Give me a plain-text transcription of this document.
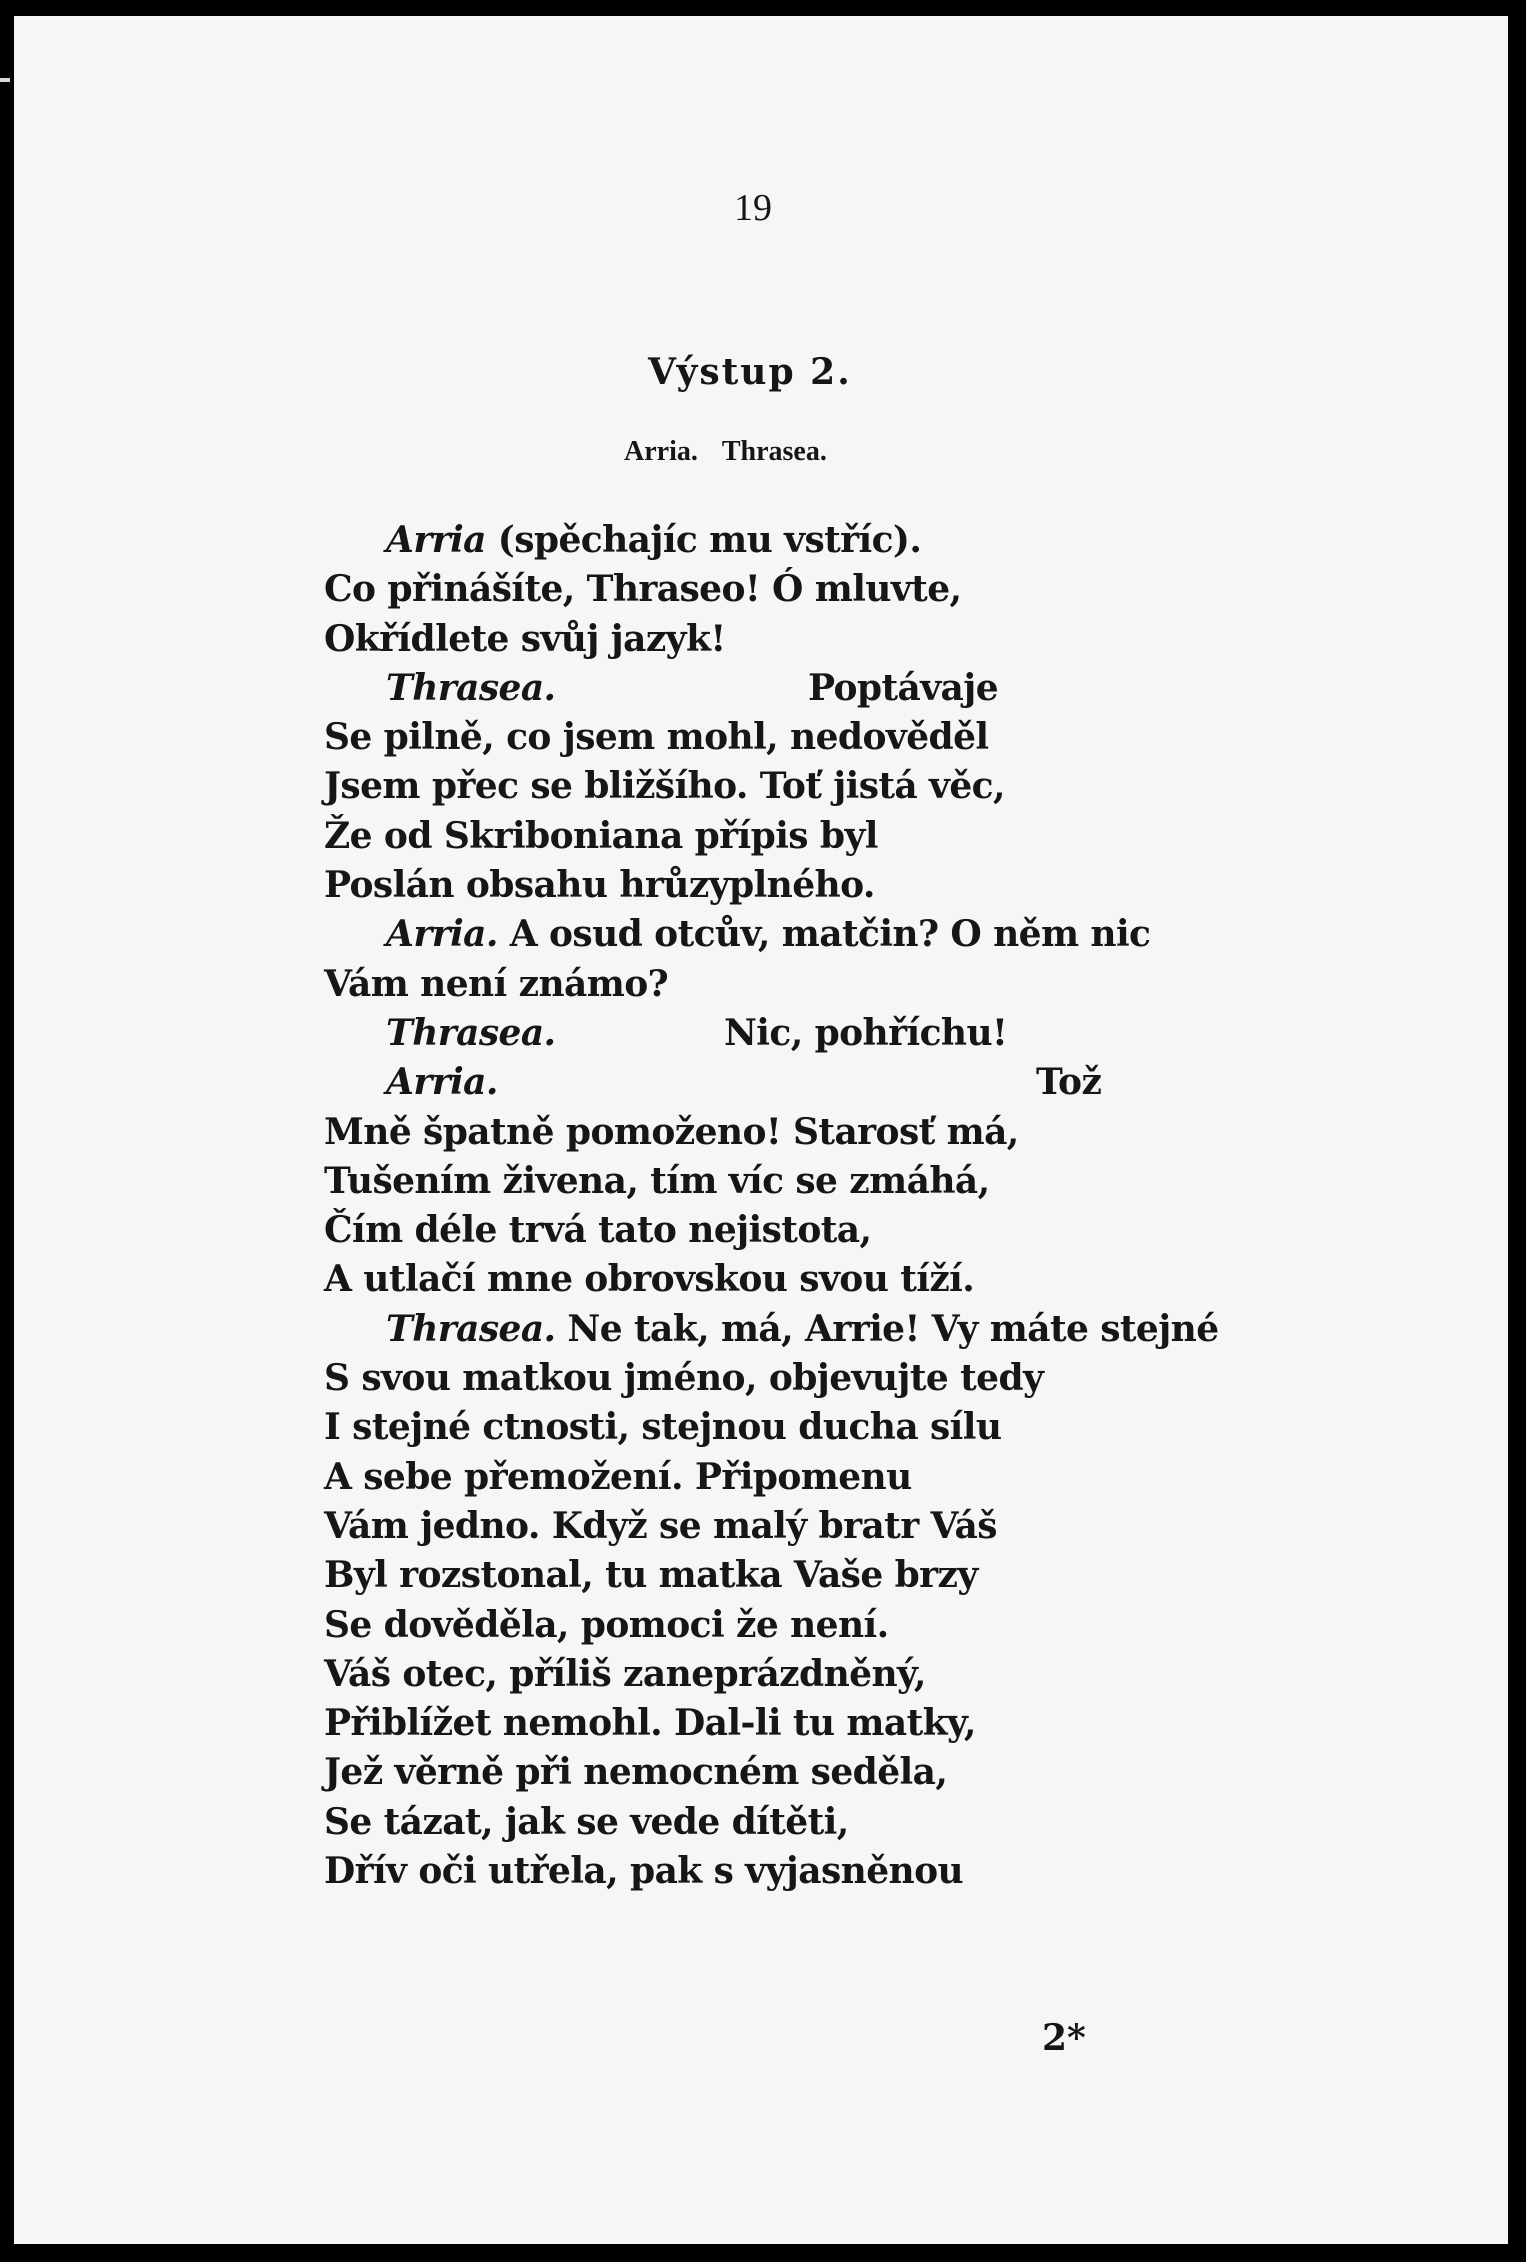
19
Výstup 2.
Arria. Thrasea.
Arria (spěchajíc mu vstříc).
Co přinášíte, Thraseo! Ó mluvte,
Okřídlete svůj jazyk!
Thrasea.	Poptávaje
Se pilně, co jsem mohl, nedověděl
Jsem přec se bližšího. Toť jistá věc,
Že od Skriboniana přípis byl
Poslán obsahu hrůzyplného.
Arria. A osud otcův, matčin? O něm nic
Vám není známo?
Thrasea.	Nic, pohříchu!
Arria.	Tož
Mně špatně pomoženo! Starosť má,
Tušením živena, tím víc se zmáhá,
Čím déle trvá tato nejistota,
A utlačí mne obrovskou svou tíží.
Thrasea. Ne tak, má, Arrie! Vy máte stejné
S svou matkou jméno, objevujte tedy
I stejné ctnosti, stejnou ducha sílu
A sebe přemožení. Připomenu
Vám jedno. Když se malý bratr Váš
Byl rozstonal, tu matka Vaše brzy
Se dověděla, pomoci že není.
Váš otec, příliš zaneprázdněný,
Přiblížet nemohl. Dal-li tu matky,
Jež věrně při nemocném seděla,
Se tázat, jak se vede dítěti,
Dřív oči utřela, pak s vyjasněnou
2*
